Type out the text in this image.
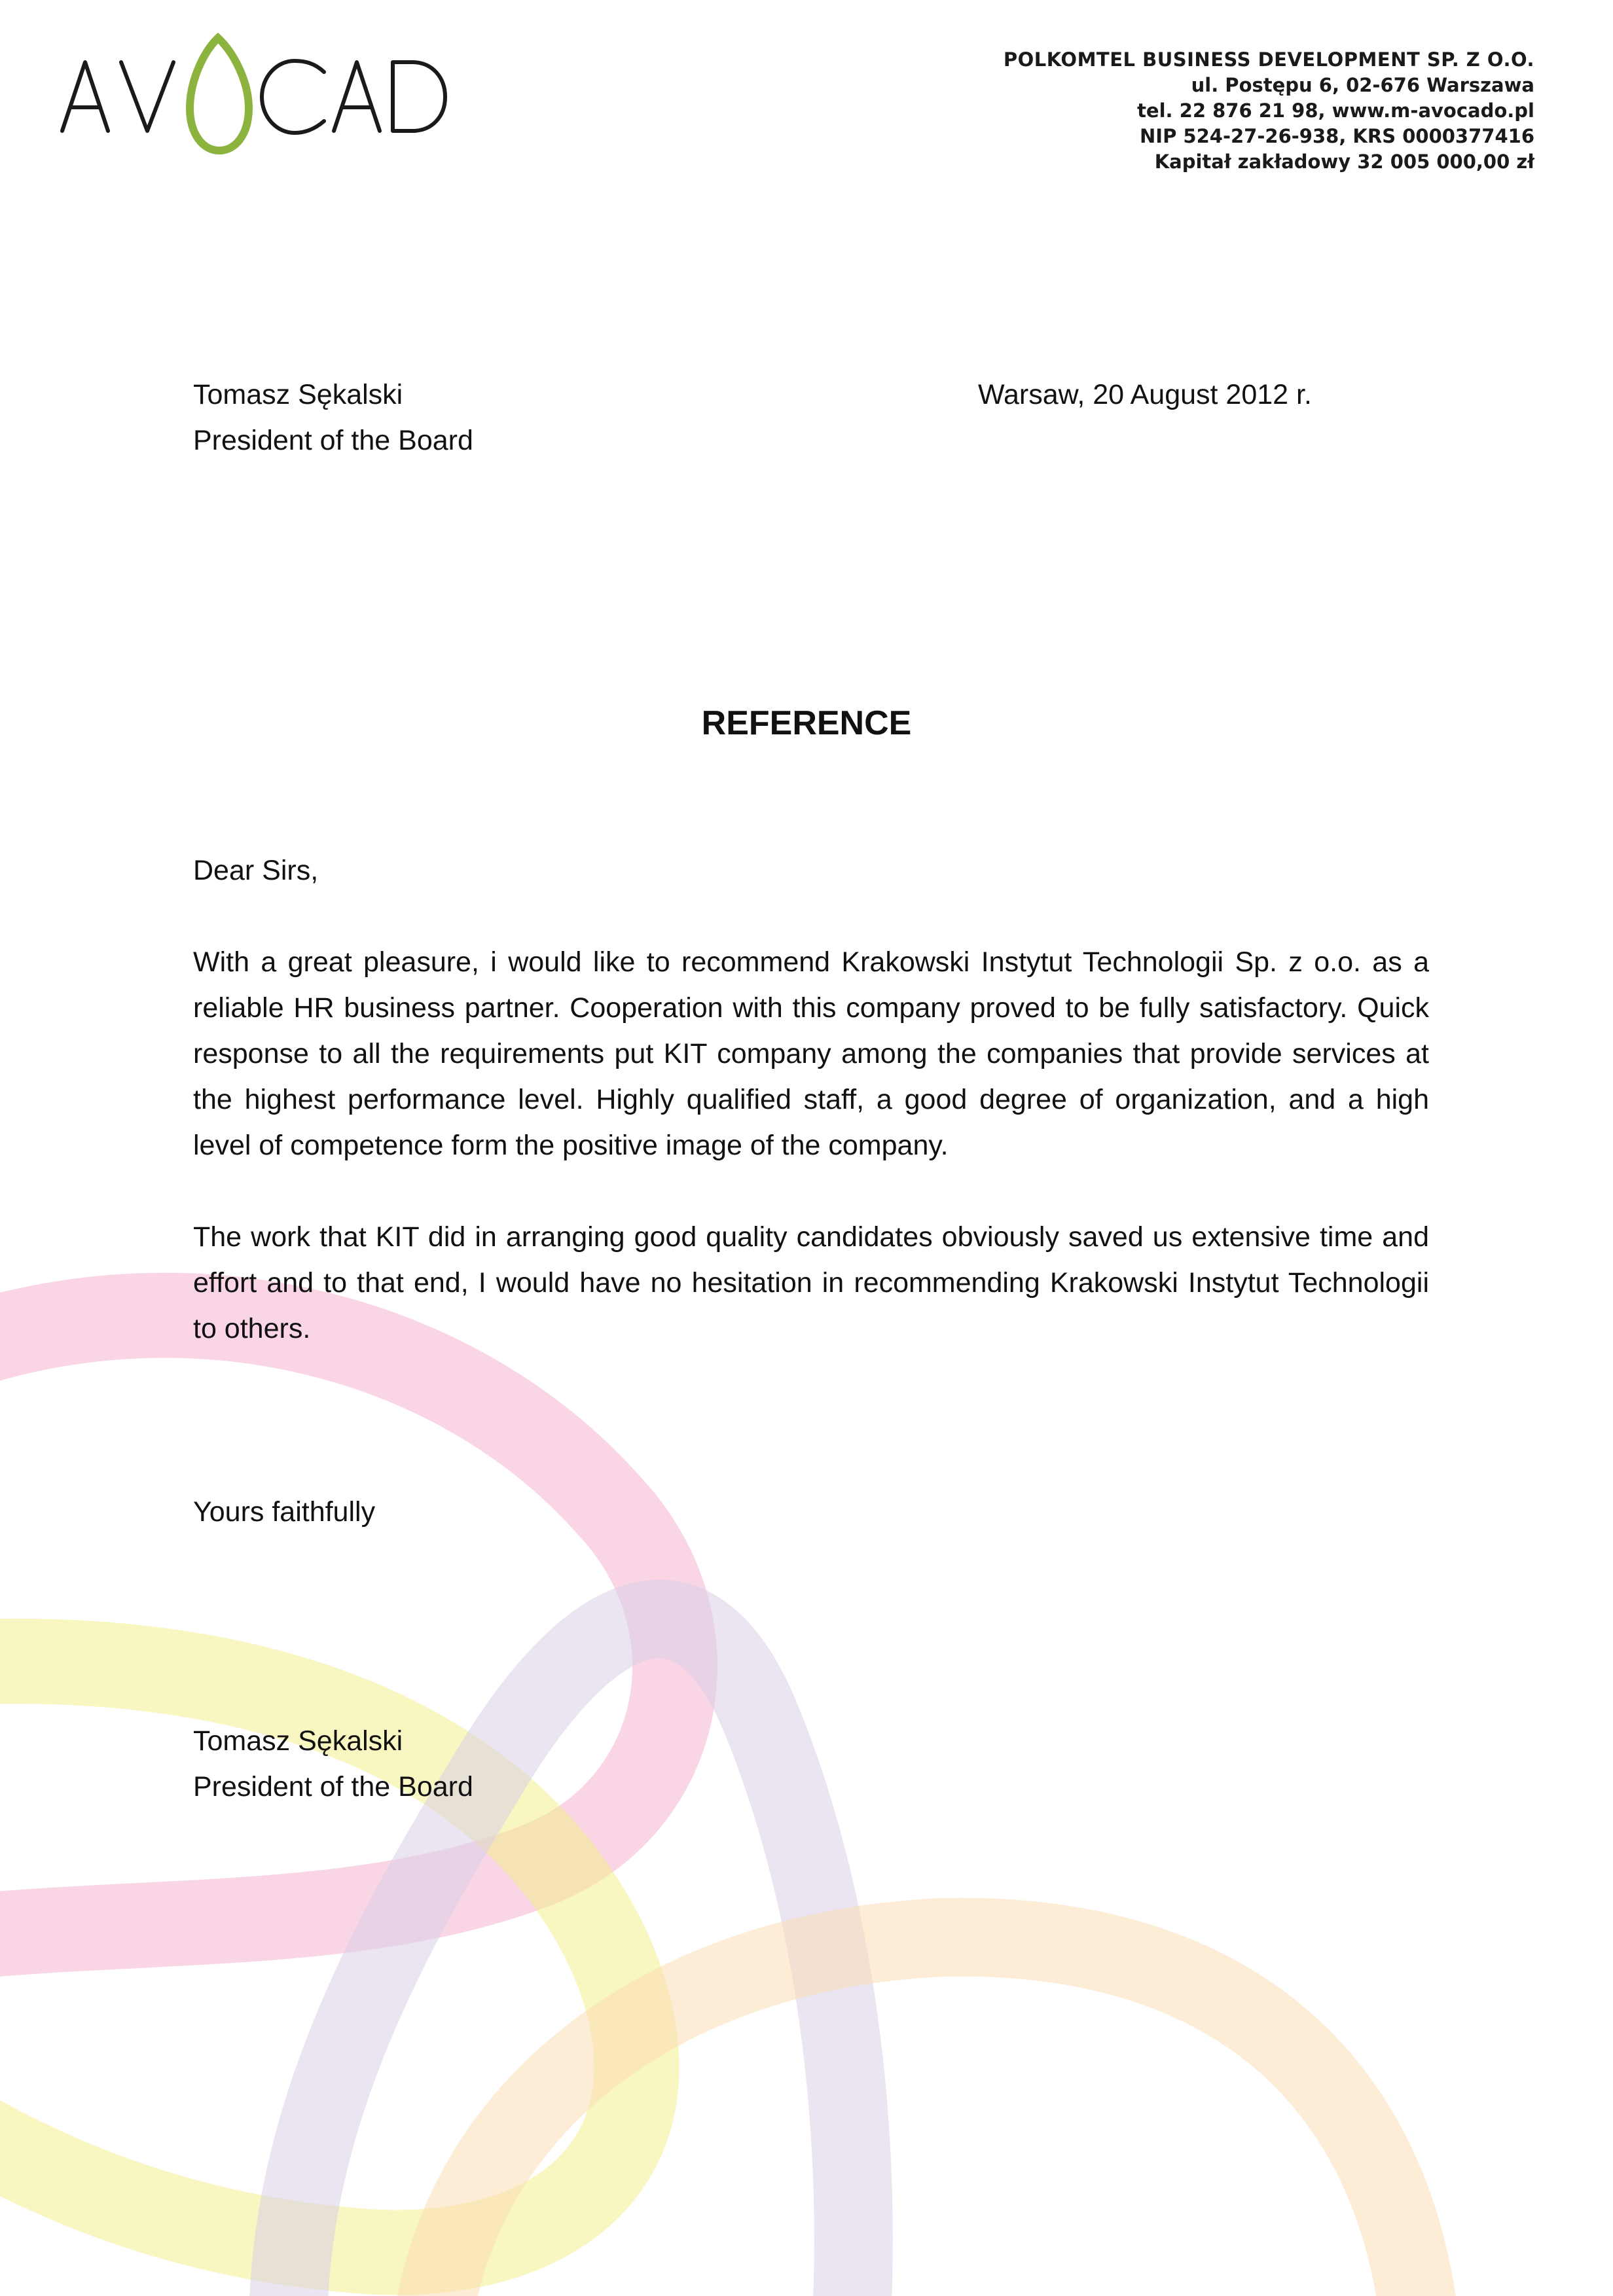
POLKOMTEL BUSINESS DEVELOPMENT SP. Z O.O.
ul. Postępu 6, 02-676 Warszawa
tel. 22 876 21 98, www.m-avocado.pl
NIP 524-27-26-938, KRS 0000377416
Kapitał zakładowy 32 005 000,00 zł
Tomasz Sękalski
President of the Board
Warsaw, 20 August 2012 r.
REFERENCE
Dear Sirs,
With a great pleasure, i would like to recommend Krakowski Instytut Technologii Sp. z o.o. as a reliable HR business partner. Cooperation with this company proved to be fully satisfactory. Quick response to all the requirements put KIT company among the companies that provide services at the highest performance level. Highly qualified staff, a good degree of organization, and a high level of competence form the positive image of the company.
The work that KIT did in arranging good quality candidates obviously saved us extensive time and effort and to that end, I would have no hesitation in recommending Krakowski Instytut Technologii to others.
Yours faithfully
Tomasz Sękalski
President of the Board
